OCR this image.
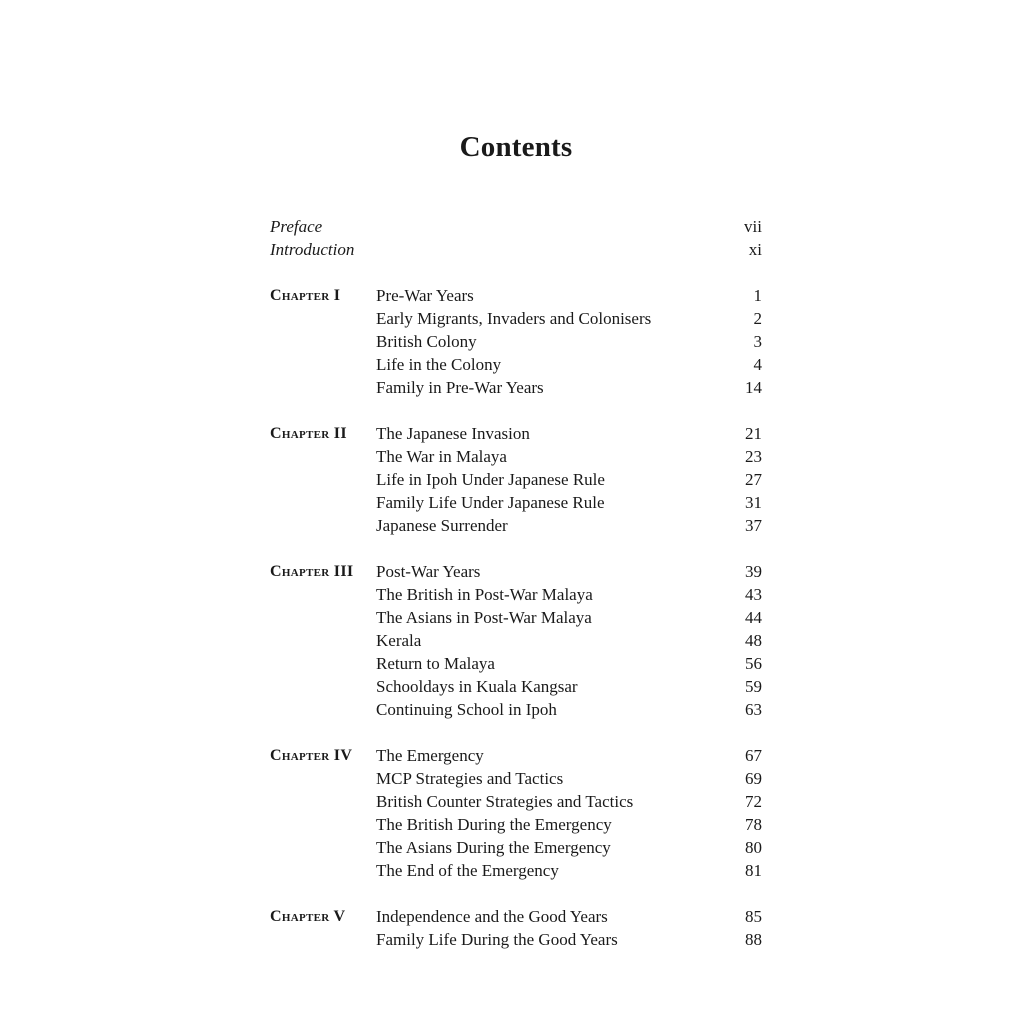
Contents
Preface	vii
Introduction	xi
Chapter I Pre-War Years	1
Early Migrants, Invaders and Colonisers	2
British Colony	3
Life in the Colony	4
Family in Pre-War Years	14
Chapter II The Japanese Invasion	21
The War in Malaya	23
Life in Ipoh Under Japanese Rule	27
Family Life Under Japanese Rule	31
Japanese Surrender	37
Chapter III Post-War Years	39
The British in Post-War Malaya	43
The Asians in Post-War Malaya	44
Kerala	48
Return to Malaya	56
Schooldays in Kuala Kangsar	59
Continuing School in Ipoh	63
Chapter IV The Emergency	67
MCP Strategies and Tactics	69
British Counter Strategies and Tactics	72
The British During the Emergency	78
The Asians During the Emergency	80
The End of the Emergency	81
Chapter V Independence and the Good Years	85
Family Life During the Good Years	88
